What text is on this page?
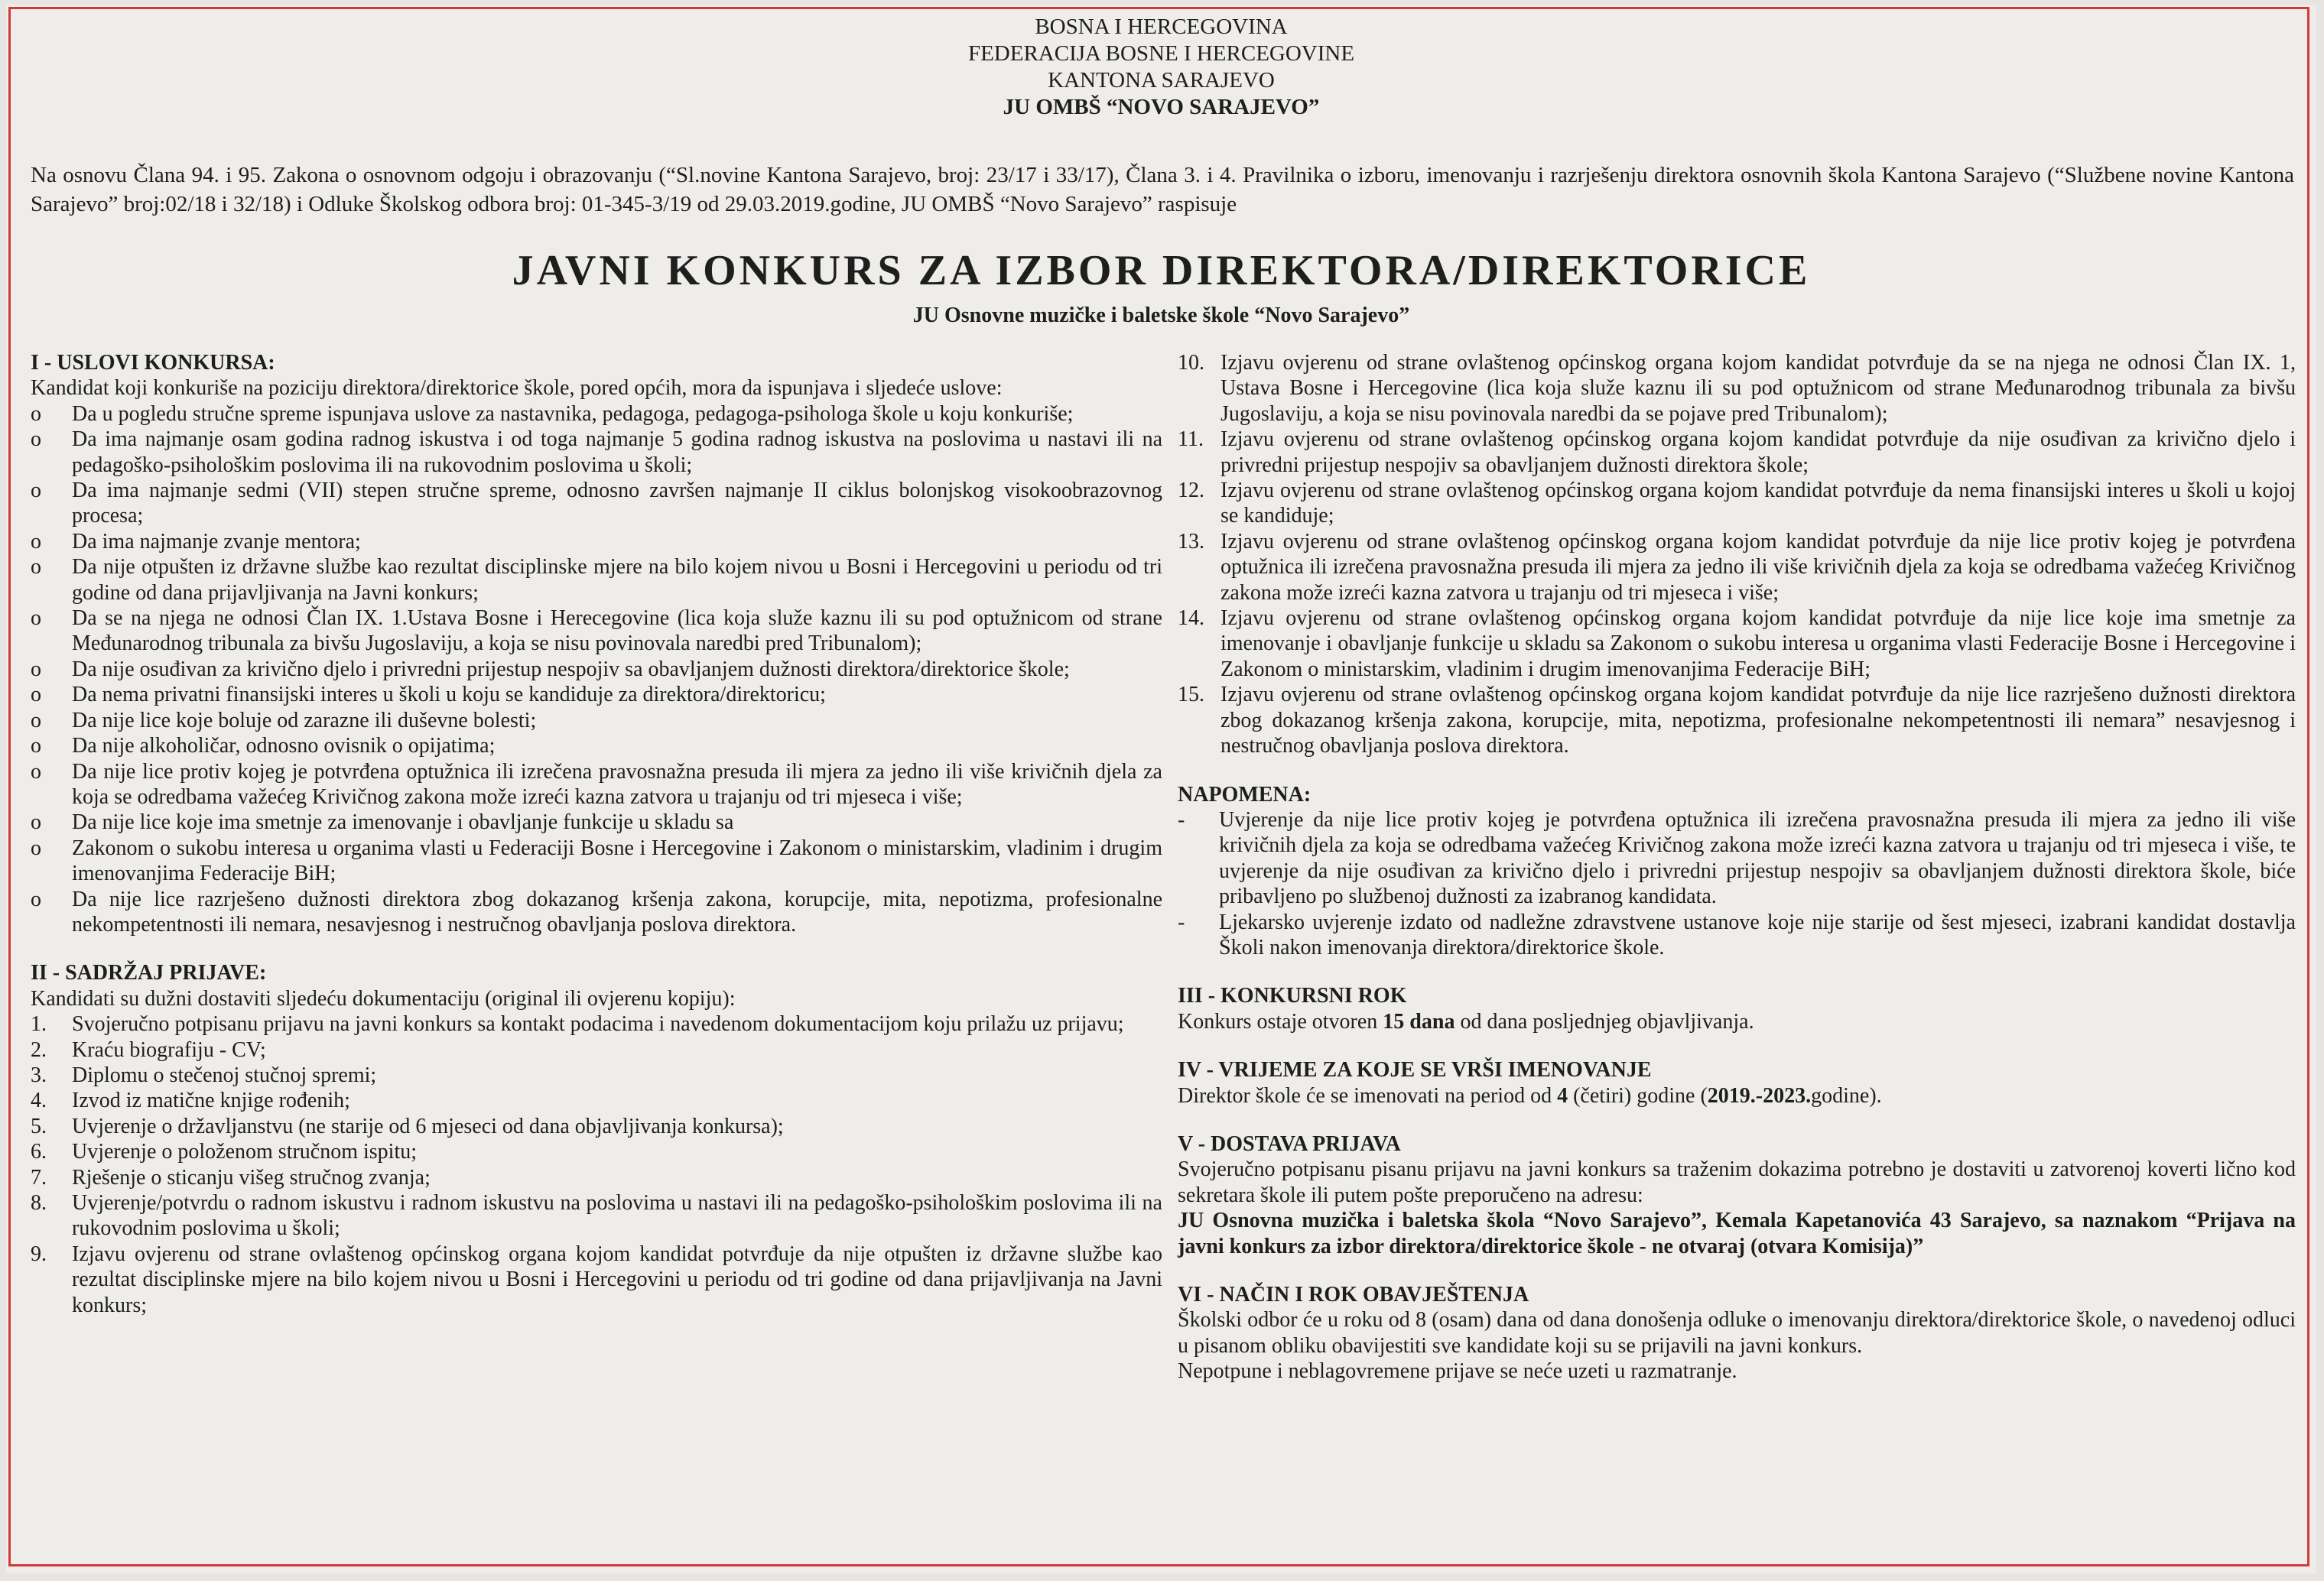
BOSNA I HERCEGOVINA
FEDERACIJA BOSNE I HERCEGOVINE
KANTONA SARAJEVO
JU OMBŠ “NOVO SARAJEVO”
Na osnovu Člana 94. i 95. Zakona o osnovnom odgoju i obrazovanju (“Sl.novine Kantona Sarajevo, broj: 23/17 i 33/17), Člana 3. i 4. Pravilnika o izboru, imenovanju i razrješenju direktora osnovnih škola Kantona Sarajevo (“Službene novine Kantona Sarajevo” broj:02/18 i 32/18) i Odluke Školskog odbora broj: 01-345-3/19 od 29.03.2019.godine, JU OMBŠ “Novo Sarajevo” raspisuje
JAVNI KONKURS ZA IZBOR DIREKTORA/DIREKTORICE
JU Osnovne muzičke i baletske škole “Novo Sarajevo”

I - USLOVI KONKURSA:

Kandidat koji konkuriše na poziciju direktora/direktorice škole, pored općih, mora da ispunjava i sljedeće uslove:

o	Da u pogledu stručne spreme ispunjava uslove za nastavnika, pedagoga, pedagoga-psihologa škole u koju konkuriše;
o	Da ima najmanje osam godina radnog iskustva i od toga najmanje 5 godina radnog iskustva na poslovima u nastavi ili na pedagoško-psihološkim poslovima ili na rukovodnim poslovima u školi;
o	Da ima najmanje sedmi (VII) stepen stručne spreme, odnosno završen najmanje II ciklus bolonjskog visokoobrazovnog procesa;
o	Da ima najmanje zvanje mentora;
o	Da nije otpušten iz državne službe kao rezultat disciplinske mjere na bilo kojem nivou u Bosni i Hercegovini u periodu od tri godine od dana prijavljivanja na Javni konkurs;
o	Da se na njega ne odnosi Član IX. 1.Ustava Bosne i Herecegovine (lica koja služe kaznu ili su pod optužnicom od strane Međunarodnog tribunala za bivšu Jugoslaviju, a koja se nisu povinovala naredbi pred Tribunalom);
o	Da nije osuđivan za krivično djelo i privredni prijestup nespojiv sa obavljanjem dužnosti direktora/direktorice škole;
o	Da nema privatni finansijski interes u školi u koju se kandiduje za direktora/direktoricu;
o	Da nije lice koje boluje od zarazne ili duševne bolesti;
o	Da nije alkoholičar, odnosno ovisnik o opijatima;
o	Da nije lice protiv kojeg je potvrđena optužnica ili izrečena pravosnažna presuda ili mjera za jedno ili više krivičnih djela za koja se odredbama važećeg Krivičnog zakona može izreći kazna zatvora u trajanju od tri mjeseca i više;
o	Da nije lice koje ima smetnje za imenovanje i obavljanje funkcije u skladu sa
o	Zakonom o sukobu interesa u organima vlasti u Federaciji Bosne i Hercegovine i Zakonom o ministarskim, vladinim i drugim imenovanjima Federacije BiH;
o	Da nije lice razrješeno dužnosti direktora zbog dokazanog kršenja zakona, korupcije, mita, nepotizma, profesionalne nekompetentnosti ili nemara, nesavjesnog i nestručnog obavljanja poslova direktora.

II - SADRŽAJ PRIJAVE:

Kandidati su dužni dostaviti sljedeću dokumentaciju (original ili ovjerenu kopiju):

1.	Svojeručno potpisanu prijavu na javni konkurs sa kontakt podacima i navedenom dokumentacijom koju prilažu uz prijavu;
2.	Kraću biografiju - CV;
3.	Diplomu o stečenoj stučnoj spremi;
4.	Izvod iz matične knjige rođenih;
5.	Uvjerenje o državljanstvu (ne starije od 6 mjeseci od dana objavljivanja konkursa);
6.	Uvjerenje o položenom stručnom ispitu;
7.	Rješenje o sticanju višeg stručnog zvanja;
8.	Uvjerenje/potvrdu o radnom iskustvu i radnom iskustvu na poslovima u nastavi ili na pedagoško-psihološkim poslovima ili na rukovodnim poslovima u školi;
9.	Izjavu ovjerenu od strane ovlaštenog općinskog organa kojom kandidat potvrđuje da nije otpušten iz državne službe kao rezultat disciplinske mjere na bilo kojem nivou u Bosni i Hercegovini u periodu od tri godine od dana prijavljivanja na Javni konkurs;
10. Izjavu ovjerenu od strane ovlaštenog općinskog organa kojom kandidat potvrđuje da se na njega ne odnosi Član IX. 1, Ustava Bosne i Hercegovine (lica koja služe kaznu ili su pod optužnicom od strane Međunarodnog tribunala za bivšu Jugoslaviju, a koja se nisu povinovala naredbi da se pojave pred Tribunalom);
11. Izjavu ovjerenu od strane ovlaštenog općinskog organa kojom kandidat potvrđuje da nije osuđivan za krivično djelo i privredni prijestup nespojiv sa obavljanjem dužnosti direktora škole;
12. Izjavu ovjerenu od strane ovlaštenog općinskog organa kojom kandidat potvrđuje da nema finansijski interes u školi u kojoj se kandiduje;
13. Izjavu ovjerenu od strane ovlaštenog općinskog organa kojom kandidat potvrđuje da nije lice protiv kojeg je potvrđena optužnica ili izrečena pravosnažna presuda ili mjera za jedno ili više krivičnih djela za koja se odredbama važećeg Krivičnog zakona može izreći kazna zatvora u trajanju od tri mjeseca i više;
14. Izjavu ovjerenu od strane ovlaštenog općinskog organa kojom kandidat potvrđuje da nije lice koje ima smetnje za imenovanje i obavljanje funkcije u skladu sa Zakonom o sukobu interesa u organima vlasti Federacije Bosne i Hercegovine i Zakonom o ministarskim, vladinim i drugim imenovanjima Federacije BiH;
15. Izjavu ovjerenu od strane ovlaštenog općinskog organa kojom kandidat potvrđuje da nije lice razrješeno dužnosti direktora zbog dokazanog kršenja zakona, korupcije, mita, nepotizma, profesionalne nekompetentnosti ili nemara” nesavjesnog i nestručnog obavljanja poslova direktora.

NAPOMENA:

-	Uvjerenje da nije lice protiv kojeg je potvrđena optužnica ili izrečena pravosnažna presuda ili mjera za jedno ili više krivičnih djela za koja se odredbama važećeg Krivičnog zakona može izreći kazna zatvora u trajanju od tri mjeseca i više, te uvjerenje da nije osuđivan za krivično djelo i privredni prijestup nespojiv sa obavljanjem dužnosti direktora škole, biće pribavljeno po službenoj dužnosti za izabranog kandidata.
-	Ljekarsko uvjerenje izdato od nadležne zdravstvene ustanove koje nije starije od šest mjeseci, izabrani kandidat dostavlja Školi nakon imenovanja direktora/direktorice škole.

III - KONKURSNI ROK

Konkurs ostaje otvoren 15 dana od dana posljednjeg objavljivanja.

IV - VRIJEME ZA KOJE SE VRŠI IMENOVANJE

Direktor škole će se imenovati na period od 4 (četiri) godine (2019.-2023.godine).

V - DOSTAVA PRIJAVA

Svojeručno potpisanu pisanu prijavu na javni konkurs sa traženim dokazima potrebno je dostaviti u zatvorenoj koverti lično kod sekretara škole ili putem pošte preporučeno na adresu:

JU Osnovna muzička i baletska škola “Novo Sarajevo”, Kemala Kapetanovića 43 Sarajevo, sa naznakom “Prijava na javni konkurs za izbor direktora/direktorice škole - ne otvaraj (otvara Komisija)”

VI - NAČIN I ROK OBAVJEŠTENJA

Školski odbor će u roku od 8 (osam) dana od dana donošenja odluke o imenovanju direktora/direktorice škole, o navedenoj odluci u pisanom obliku obavijestiti sve kandidate koji su se prijavili na javni konkurs.

Nepotpune i neblagovremene prijave se neće uzeti u razmatranje.
